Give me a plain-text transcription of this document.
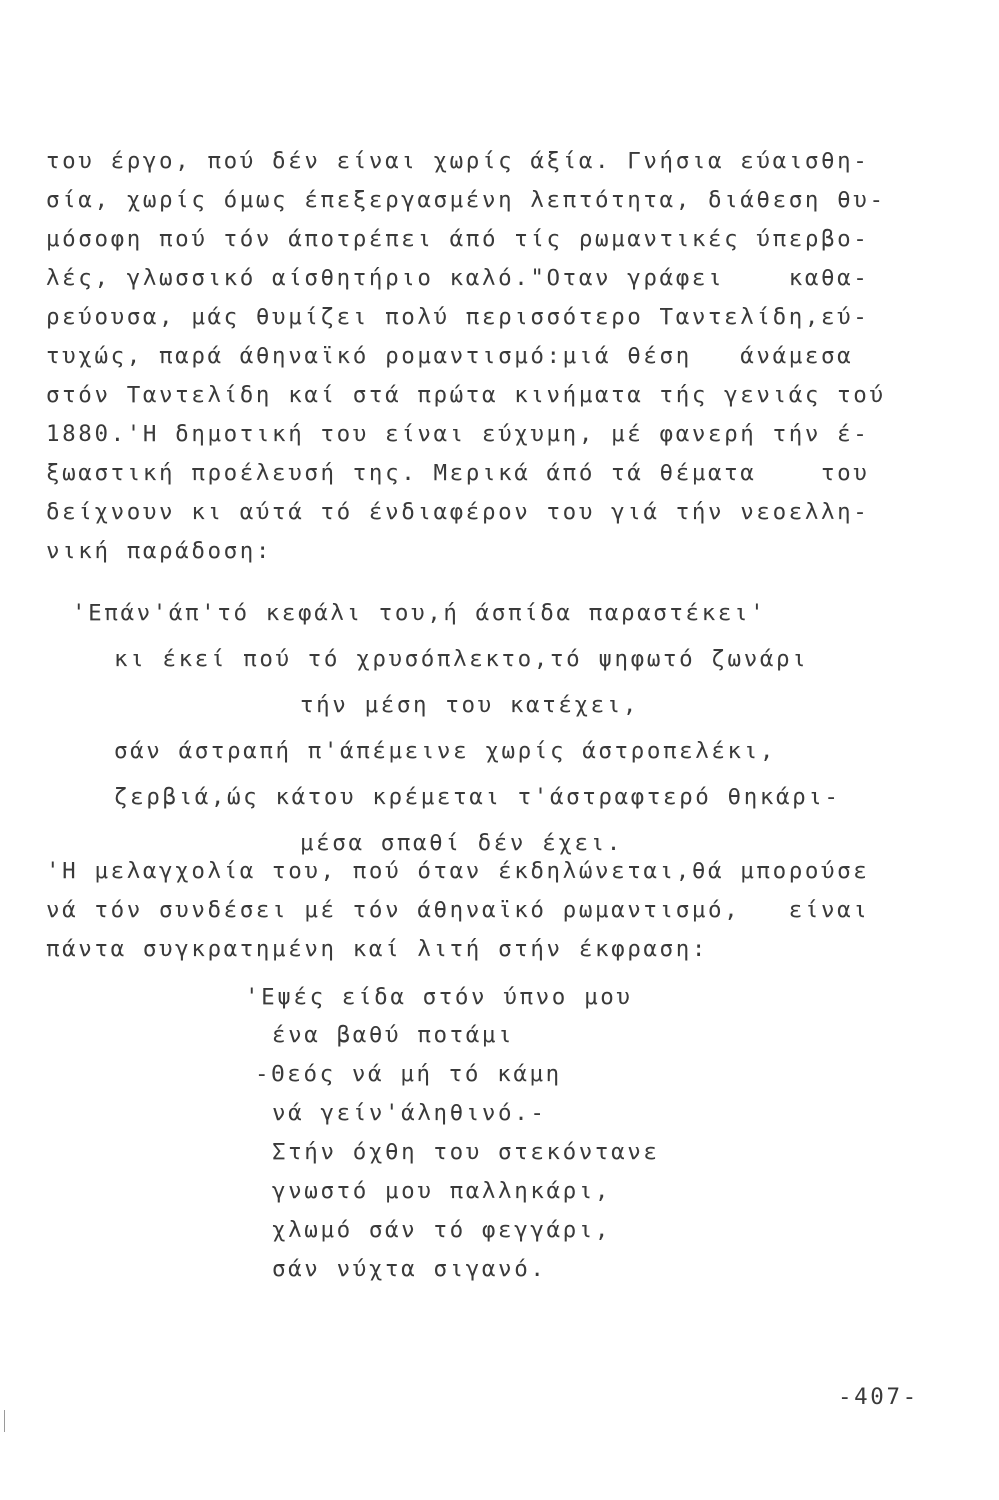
του έργο, πού δέν είναι χωρίς άξία. Γνήσια εύαισθη-
σία, χωρίς όμως έπεξεργασμένη λεπτότητα, διάθεση θυ-
μόσοφη πού τόν άποτρέπει άπό τίς ρωμαντικές ύπερβο-
λές, γλωσσικό αίσθητήριο καλό."Οταν γράφει    καθα-
ρεύουσα, μάς θυμίζει πολύ περισσότερο Ταντελίδη,εύ-
τυχώς, παρά άθηναϊκό ρομαντισμό:μιά θέση   άνάμεσα
στόν Ταντελίδη καί στά πρώτα κινήματα τής γενιάς τού
1880.'Η δημοτική του είναι εύχυμη, μέ φανερή τήν έ-
ξωαστική προέλευσή της. Μερικά άπό τά θέματα    του
δείχνουν κι αύτά τό ένδιαφέρον του γιά τήν νεοελλη-
νική παράδοση:
'Επάν'άπ'τό κεφάλι του,ή άσπίδα παραστέκει'
κι έκεί πού τό χρυσόπλεκτο,τό ψηφωτό ζωνάρι
τήν μέση του κατέχει,
σάν άστραπή π'άπέμεινε χωρίς άστροπελέκι,
ζερβιά,ώς κάτου κρέμεται τ'άστραφτερό θηκάρι-
μέσα σπαθί δέν έχει.
'Η μελαγχολία του, πού όταν έκδηλώνεται,θά μπορούσε
νά τόν συνδέσει μέ τόν άθηναϊκό ρωμαντισμό,   είναι
πάντα συγκρατημένη καί λιτή στήν έκφραση:
'Εψές είδα στόν ύπνο μου
ένα βαθύ ποτάμι
-Θεός νά μή τό κάμη
νά γείν'άληθινό.-
Στήν όχθη του στεκόντανε
γνωστό μου παλληκάρι,
χλωμό σάν τό φεγγάρι,
σάν νύχτα σιγανό.
-407-
